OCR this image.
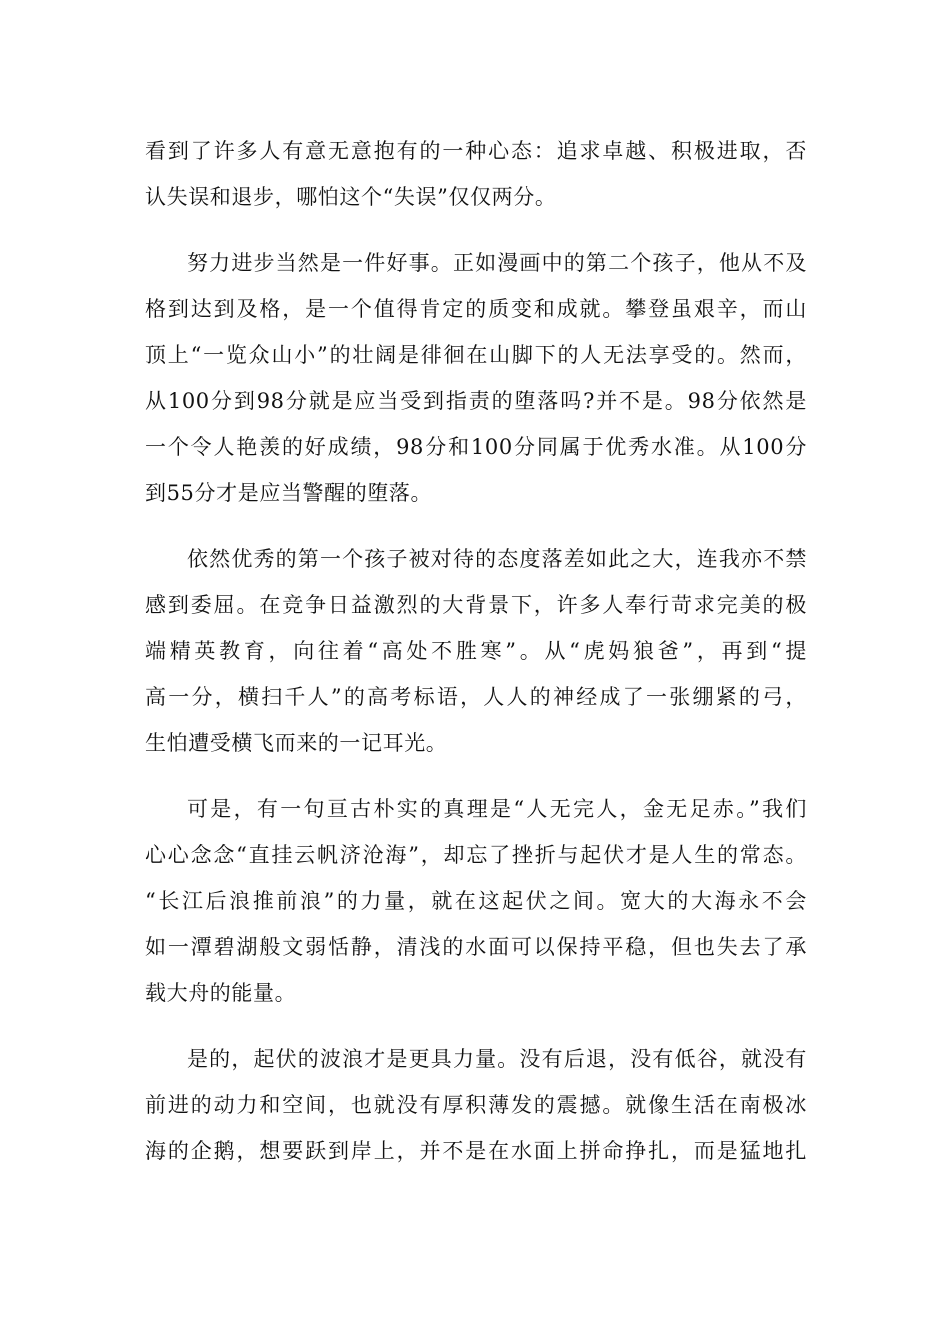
看到了许多人有意无意抱有的一种心态：追求卓越、积极进取，否
认失误和退步，哪怕这个“失误”仅仅两分。
努力进步当然是一件好事。正如漫画中的第二个孩子，他从不及
格到达到及格，是一个值得肯定的质变和成就。攀登虽艰辛，而山
顶上“一览众山小”的壮阔是徘徊在山脚下的人无法享受的。然而，
从100分到98分就是应当受到指责的堕落吗?并不是。98分依然是
一个令人艳羡的好成绩，98分和100分同属于优秀水准。从100分
到55分才是应当警醒的堕落。
依然优秀的第一个孩子被对待的态度落差如此之大，连我亦不禁
感到委屈。在竞争日益激烈的大背景下，许多人奉行苛求完美的极
端精英教育，向往着“高处不胜寒”。从“虎妈狼爸”，再到“提
高一分，横扫千人”的高考标语，人人的神经成了一张绷紧的弓，
生怕遭受横飞而来的一记耳光。
可是，有一句亘古朴实的真理是“人无完人，金无足赤。”我们
心心念念“直挂云帆济沧海”，却忘了挫折与起伏才是人生的常态。
“长江后浪推前浪”的力量，就在这起伏之间。宽大的大海永不会
如一潭碧湖般文弱恬静，清浅的水面可以保持平稳，但也失去了承
载大舟的能量。
是的，起伏的波浪才是更具力量。没有后退，没有低谷，就没有
前进的动力和空间，也就没有厚积薄发的震撼。就像生活在南极冰
海的企鹅，想要跃到岸上，并不是在水面上拼命挣扎，而是猛地扎
